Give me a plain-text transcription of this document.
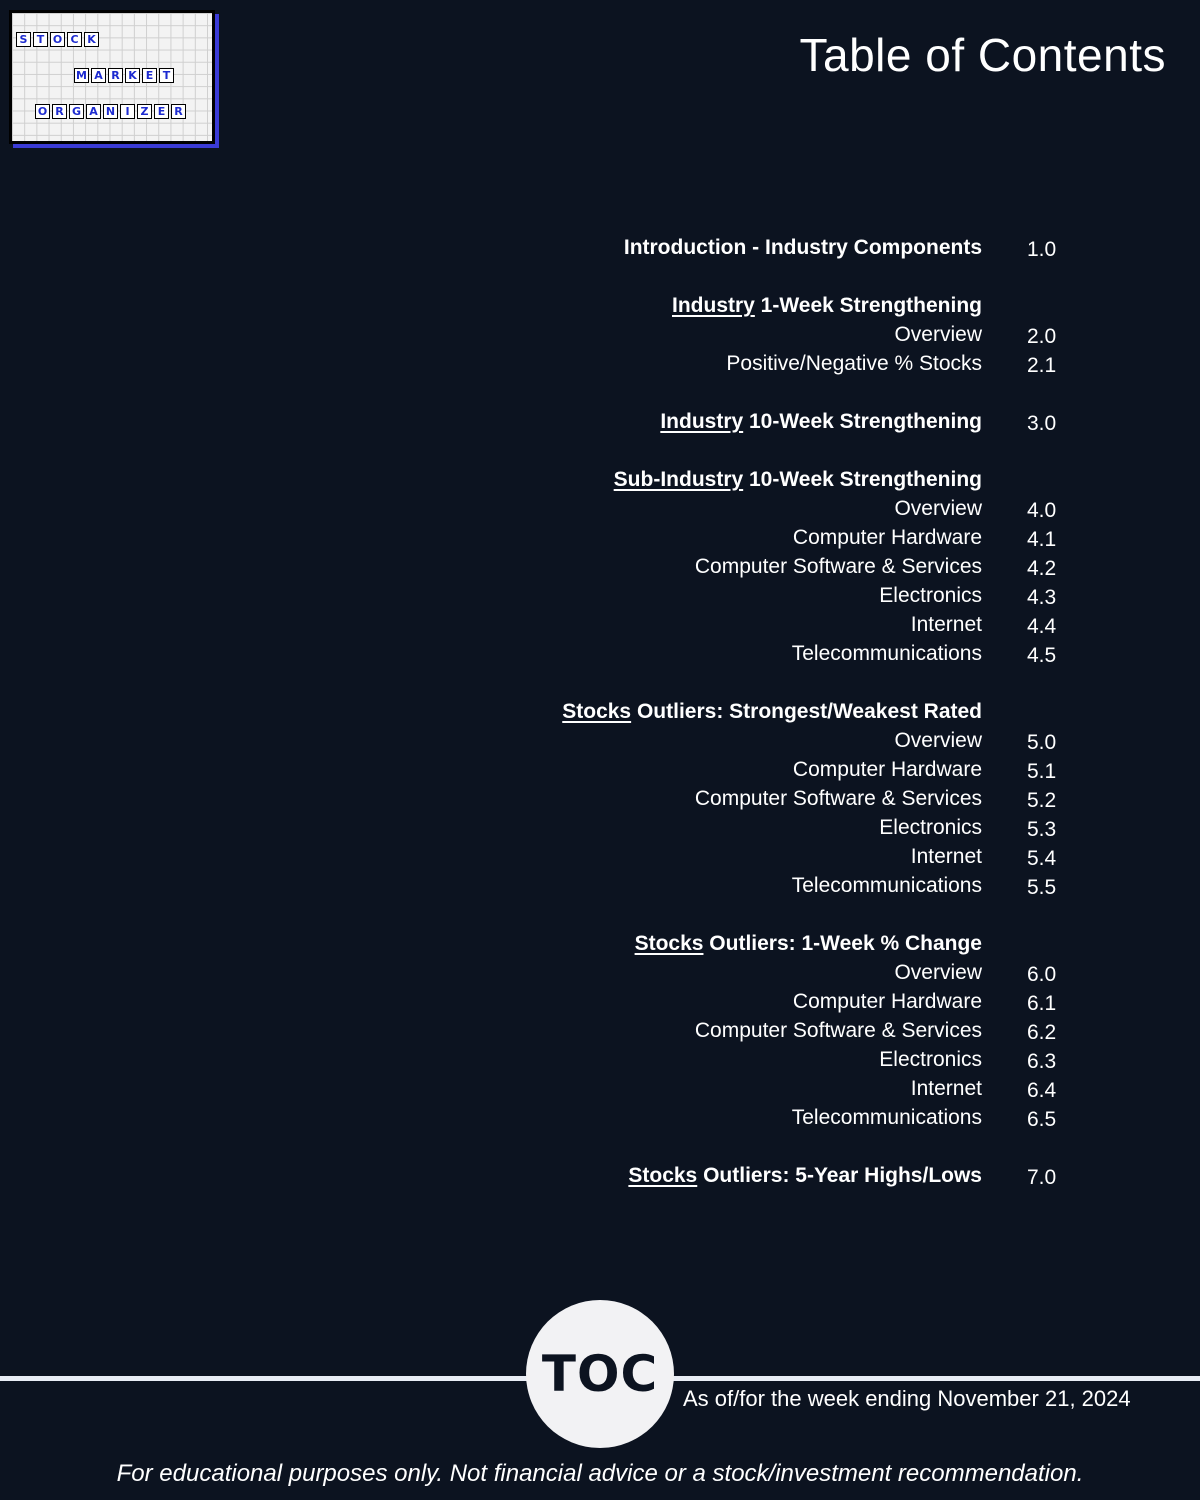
S T O C K
M A R K E T
O R G A N I Z E R
Table of Contents
Introduction - Industry Components 1.0
Industry 1-Week Strengthening
Overview 2.0
Positive/Negative % Stocks 2.1
Industry 10-Week Strengthening 3.0
Sub-Industry 10-Week Strengthening
Overview 4.0
Computer Hardware 4.1
Computer Software & Services 4.2
Electronics 4.3
Internet 4.4
Telecommunications 4.5
Stocks Outliers: Strongest/Weakest Rated
Overview 5.0
Computer Hardware 5.1
Computer Software & Services 5.2
Electronics 5.3
Internet 5.4
Telecommunications 5.5
Stocks Outliers: 1-Week % Change
Overview 6.0
Computer Hardware 6.1
Computer Software & Services 6.2
Electronics 6.3
Internet 6.4
Telecommunications 6.5
Stocks Outliers: 5-Year Highs/Lows 7.0
TOC	As of/for the week ending November 21, 2024
For educational purposes only. Not financial advice or a stock/investment recommendation.
